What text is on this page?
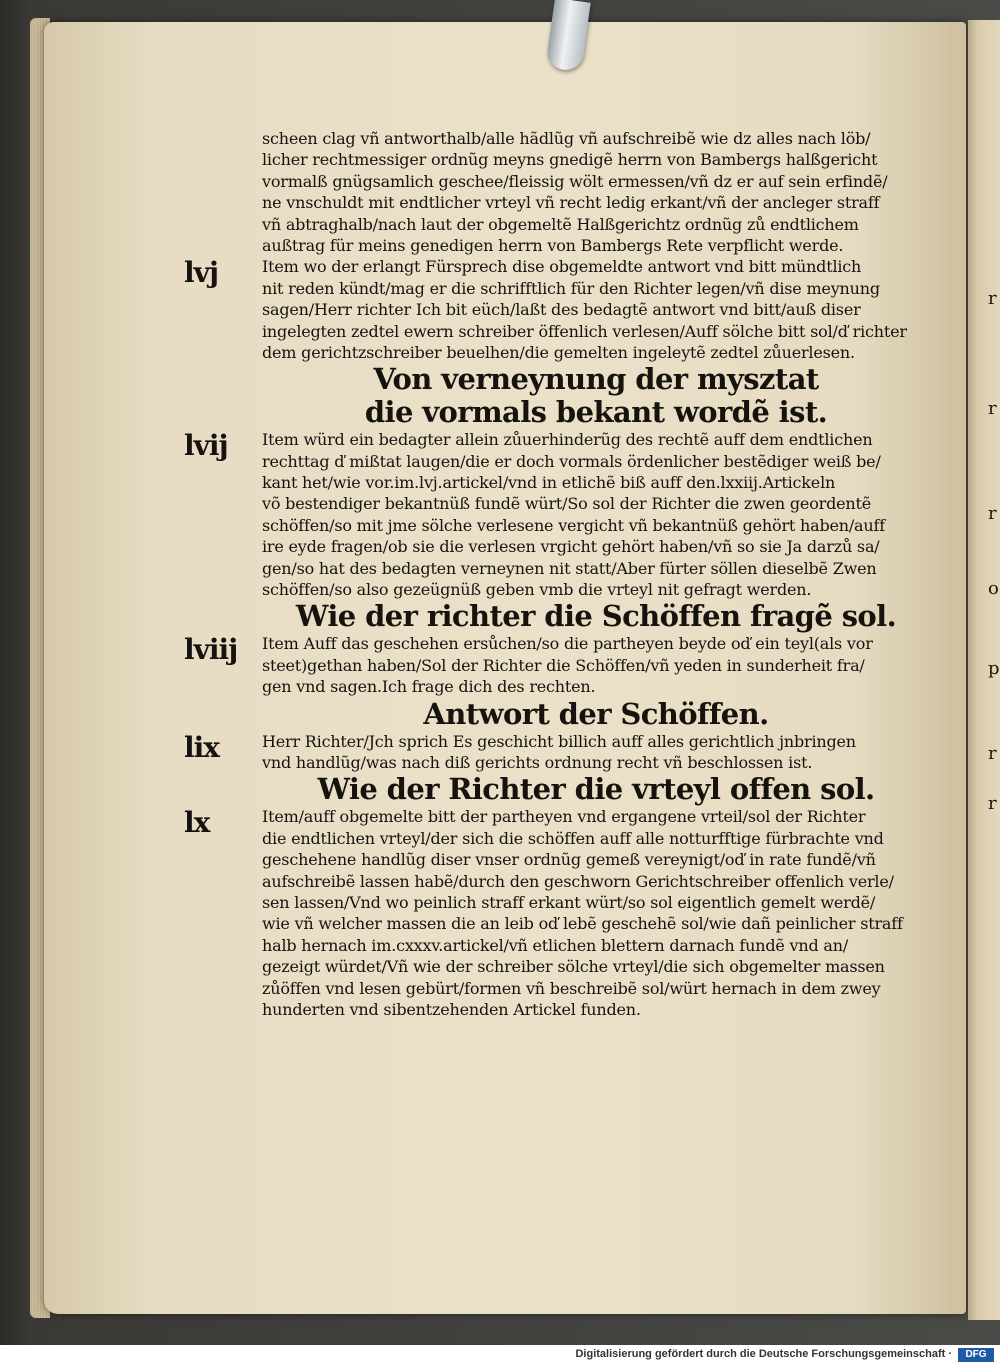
ɔɔʒ
scheen clag vñ antworthalb/alle hãdlũg vñ aufschreibẽ wie dz alles nach löb/
licher rechtmessiger ordnũg meyns gnedigẽ herrn von Bambergs halßgericht
vormalß gnügsamlich geschee/fleissig wölt ermessen/vñ dz er auf sein erfindẽ/
ne vnschuldt mit endtlicher vrteyl vñ recht ledig erkant/vñ der ancleger straff
vñ abtraghalb/nach laut der obgemeltẽ Halßgerichtz ordnũg zů endtlichem
außtrag für meins genedigen herrn von Bambergs Rete verpflicht werde.
lvj	Item wo der erlangt Fürsprech dise obgemeldte antwort vnd bitt mündtlich
nit reden kündt/mag er die schrifftlich für den Richter legen/vñ dise meynung
sagen/Herr richter Ich bit eüch/laßt des bedagtẽ antwort vnd bitt/auß diser
ingelegten zedtel ewern schreiber öffenlich verlesen/Auff sölche bitt sol/ď richter
dem gerichtzschreiber beuelhen/die gemelten ingeleytẽ zedtel zůuerlesen.
Von verneynung der mysztat
die vormals bekant wordẽ ist.
lvij Item würd ein bedagter allein zůuerhinderũg des rechtẽ auff dem endtlichen
rechttag ď mißtat laugen/die er doch vormals ördenlicher bestẽdiger weiß be/
kant het/wie vor.im.lvj.artickel/vnd in etlichẽ biß auff den.lxxiij.Artickeln
võ bestendiger bekantnüß fundẽ würt/So sol der Richter die zwen geordentẽ
schöffen/so mit jme sölche verlesene vergicht vñ bekantnüß gehört haben/auff
ire eyde fragen/ob sie die verlesen vrgicht gehört haben/vñ so sie Ja darzů sa/
gen/so hat des bedagten verneynen nit statt/Aber fürter söllen dieselbẽ Zwen
schöffen/so also gezeügnüß geben vmb die vrteyl nit gefragt werden.
Wie der richter die Schöffen fragẽ sol.
lviij Item Auff das geschehen ersůchen/so die partheyen beyde oď ein teyl(als vor
steet)gethan haben/Sol der Richter die Schöffen/vñ yeden in sunderheit fra/
gen vnd sagen.Ich frage dich des rechten.
Antwort der Schöffen.
lix	Herr Richter/Jch sprich Es geschicht billich auff alles gerichtlich jnbringen
vnd handlũg/was nach diß gerichts ordnung recht vñ beschlossen ist.
Wie der Richter die vrteyl offen sol.
lx	Item/auff obgemelte bitt der partheyen vnd ergangene vrteil/sol der Richter
die endtlichen vrteyl/der sich die schöffen auff alle notturfftige fürbrachte vnd
geschehene handlũg diser vnser ordnũg gemeß vereynigt/oď in rate fundẽ/vñ
aufschreibẽ lassen habẽ/durch den geschworn Gerichtschreiber offenlich verle/
sen lassen/Vnd wo peinlich straff erkant würt/so sol eigentlich gemelt werdẽ/
wie vñ welcher massen die an leib oď lebẽ geschehẽ sol/wie dañ peinlicher straff
halb hernach im.cxxxv.artickel/vñ etlichen blettern darnach fundẽ vnd an/
gezeigt würdet/Vñ wie der schreiber sölche vrteyl/die sich obgemelter massen
zůöffen vnd lesen gebürt/formen vñ beschreibẽ sol/würt hernach in dem zwey
hunderten vnd sibentzehenden Artickel funden.
r
r
r
o
p
r
r
Digitalisierung gefördert durch die Deutsche Forschungsgemeinschaft ·	DFG
